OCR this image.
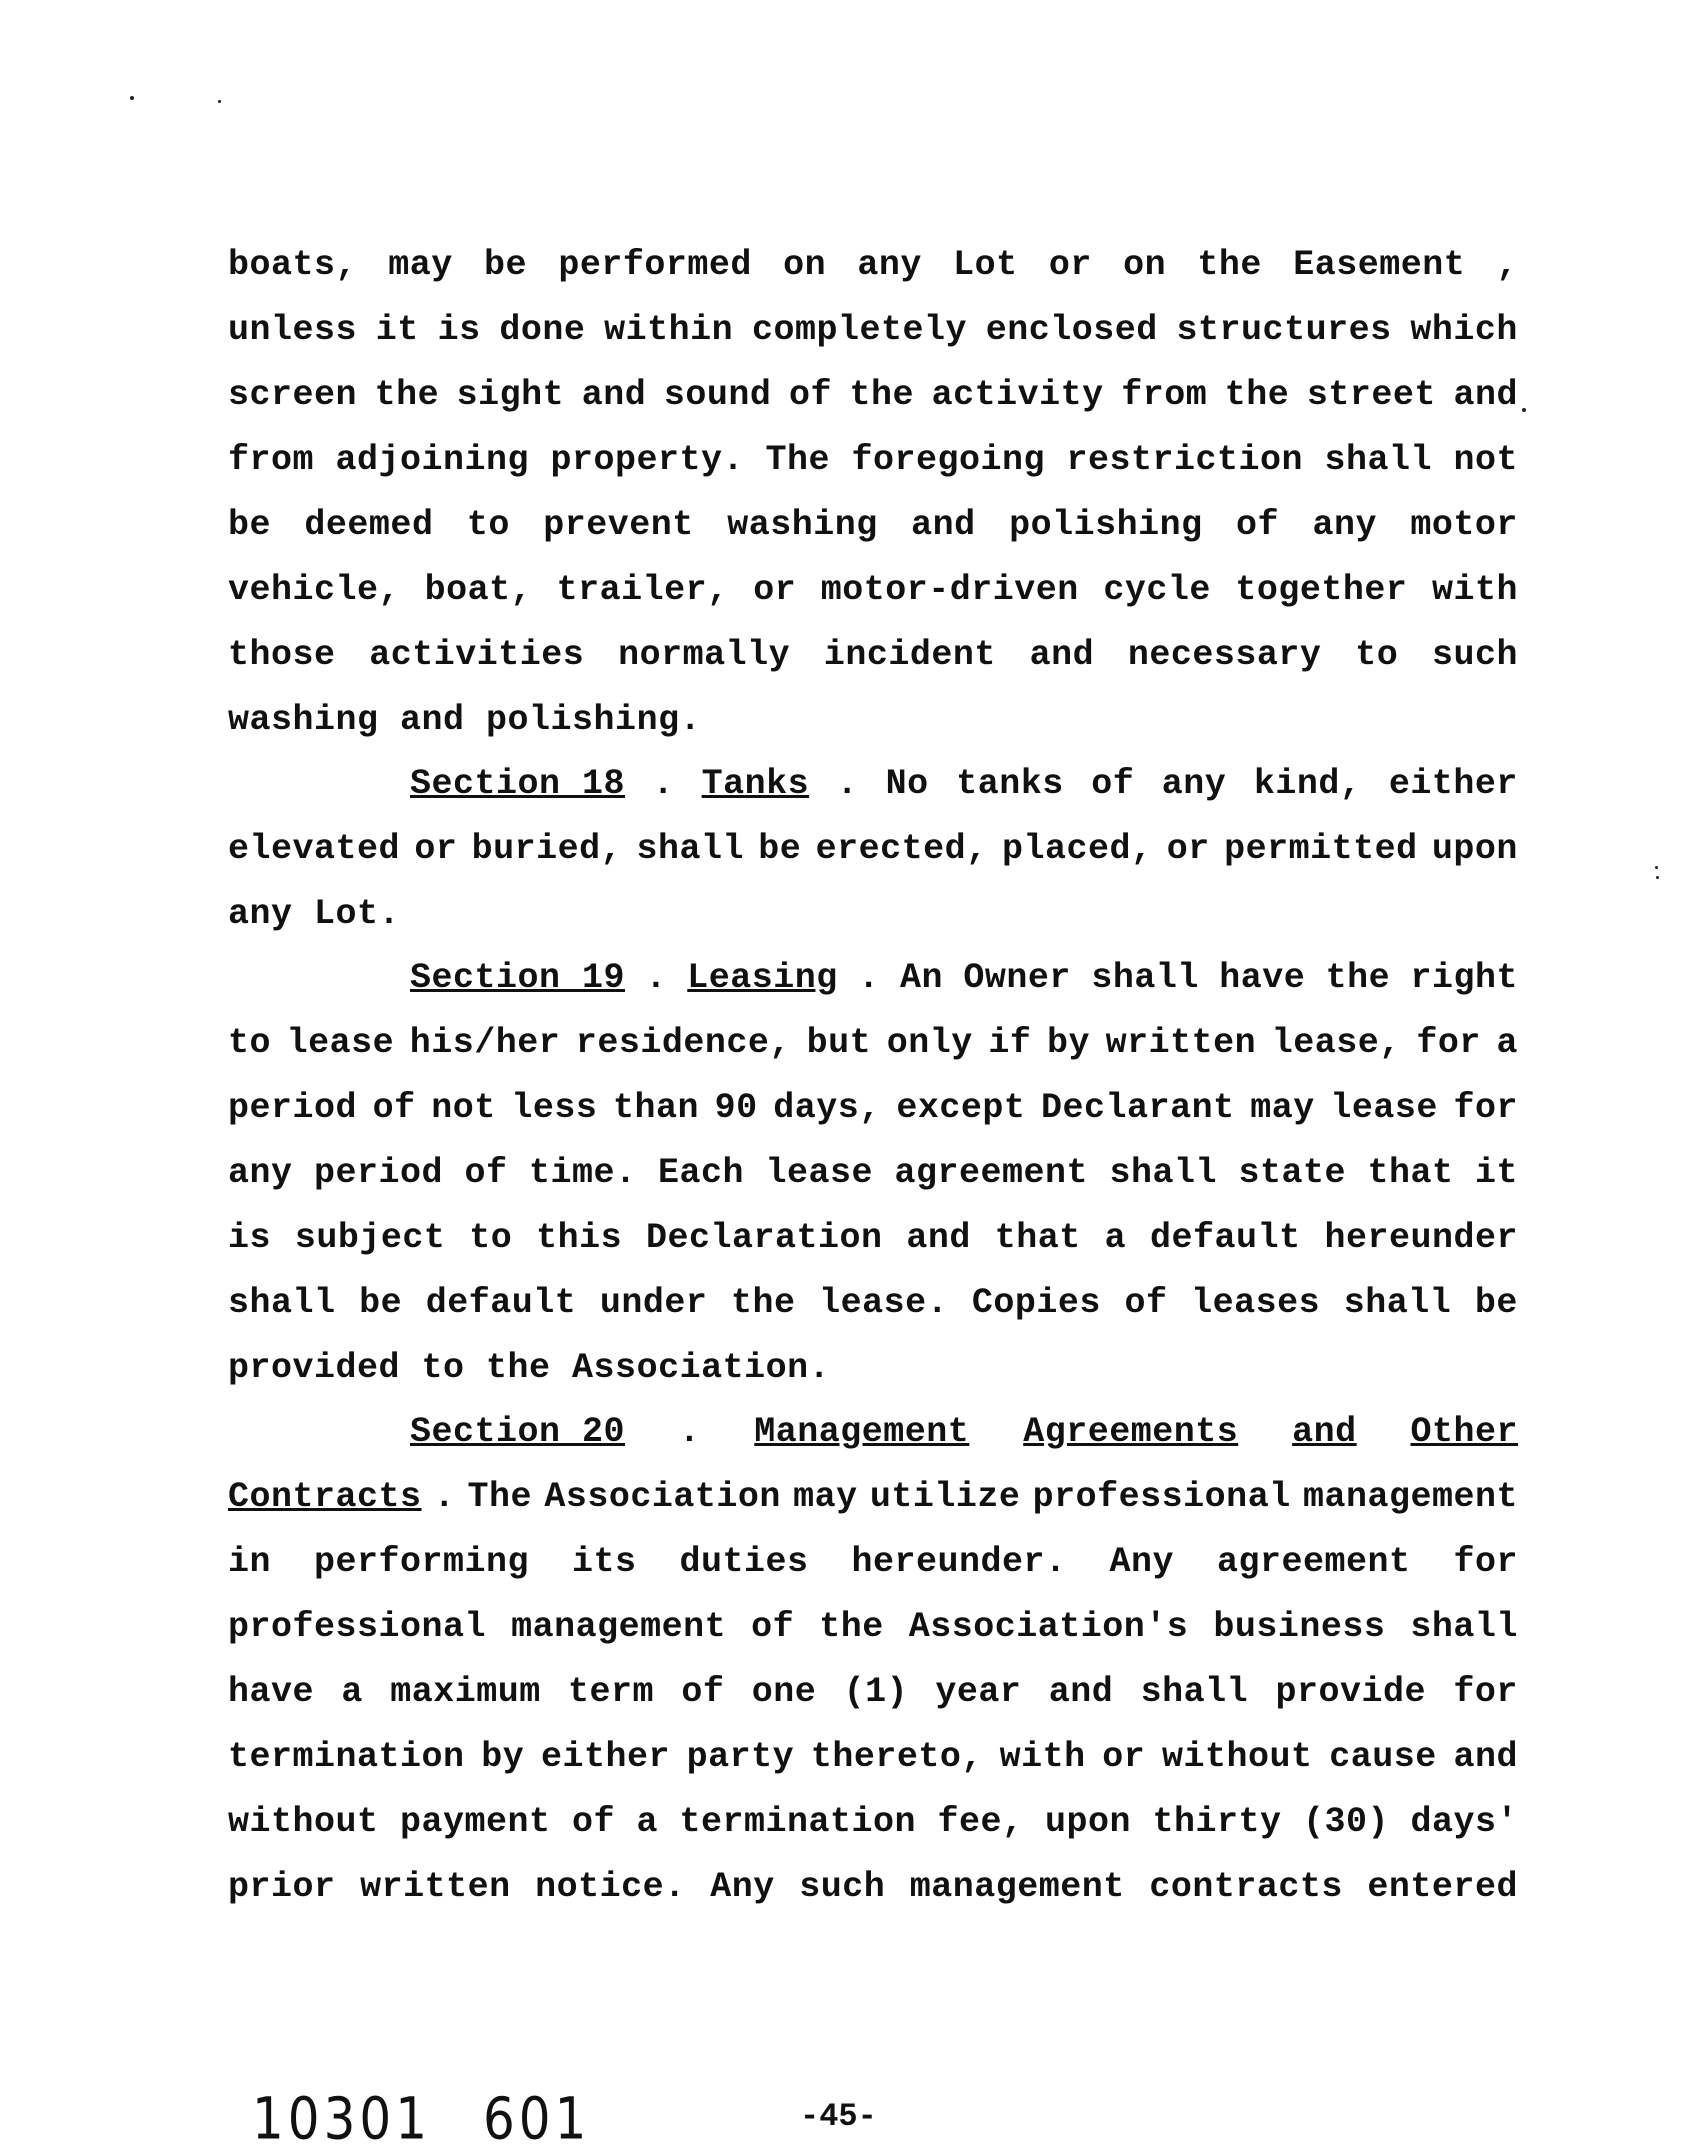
boats, may be performed on any Lot or on the Easement ,
unless it is done within completely enclosed structures which
screen the sight and sound of the activity from the street and
from adjoining property. The foregoing restriction shall not
be deemed to prevent washing and polishing of any motor
vehicle, boat, trailer, or motor-driven cycle together with
those activities normally incident and necessary to such
washing and polishing.
Section 18 . Tanks . No tanks of any kind, either
elevated or buried, shall be erected, placed, or permitted upon
any Lot.
Section 19 . Leasing . An Owner shall have the right
to lease his/her residence, but only if by written lease, for a
period of not less than 90 days, except Declarant may lease for
any period of time. Each lease agreement shall state that it
is subject to this Declaration and that a default hereunder
shall be default under the lease. Copies of leases shall be
provided to the Association.
Section 20 . Management Agreements and Other
Contracts . The Association may utilize professional management
in performing its duties hereunder. Any agreement for
professional management of the Association's business shall
have a maximum term of one (1) year and shall provide for
termination by either party thereto, with or without cause and
without payment of a termination fee, upon thirty (30) days'
prior written notice. Any such management contracts entered
10301 601	-45-
